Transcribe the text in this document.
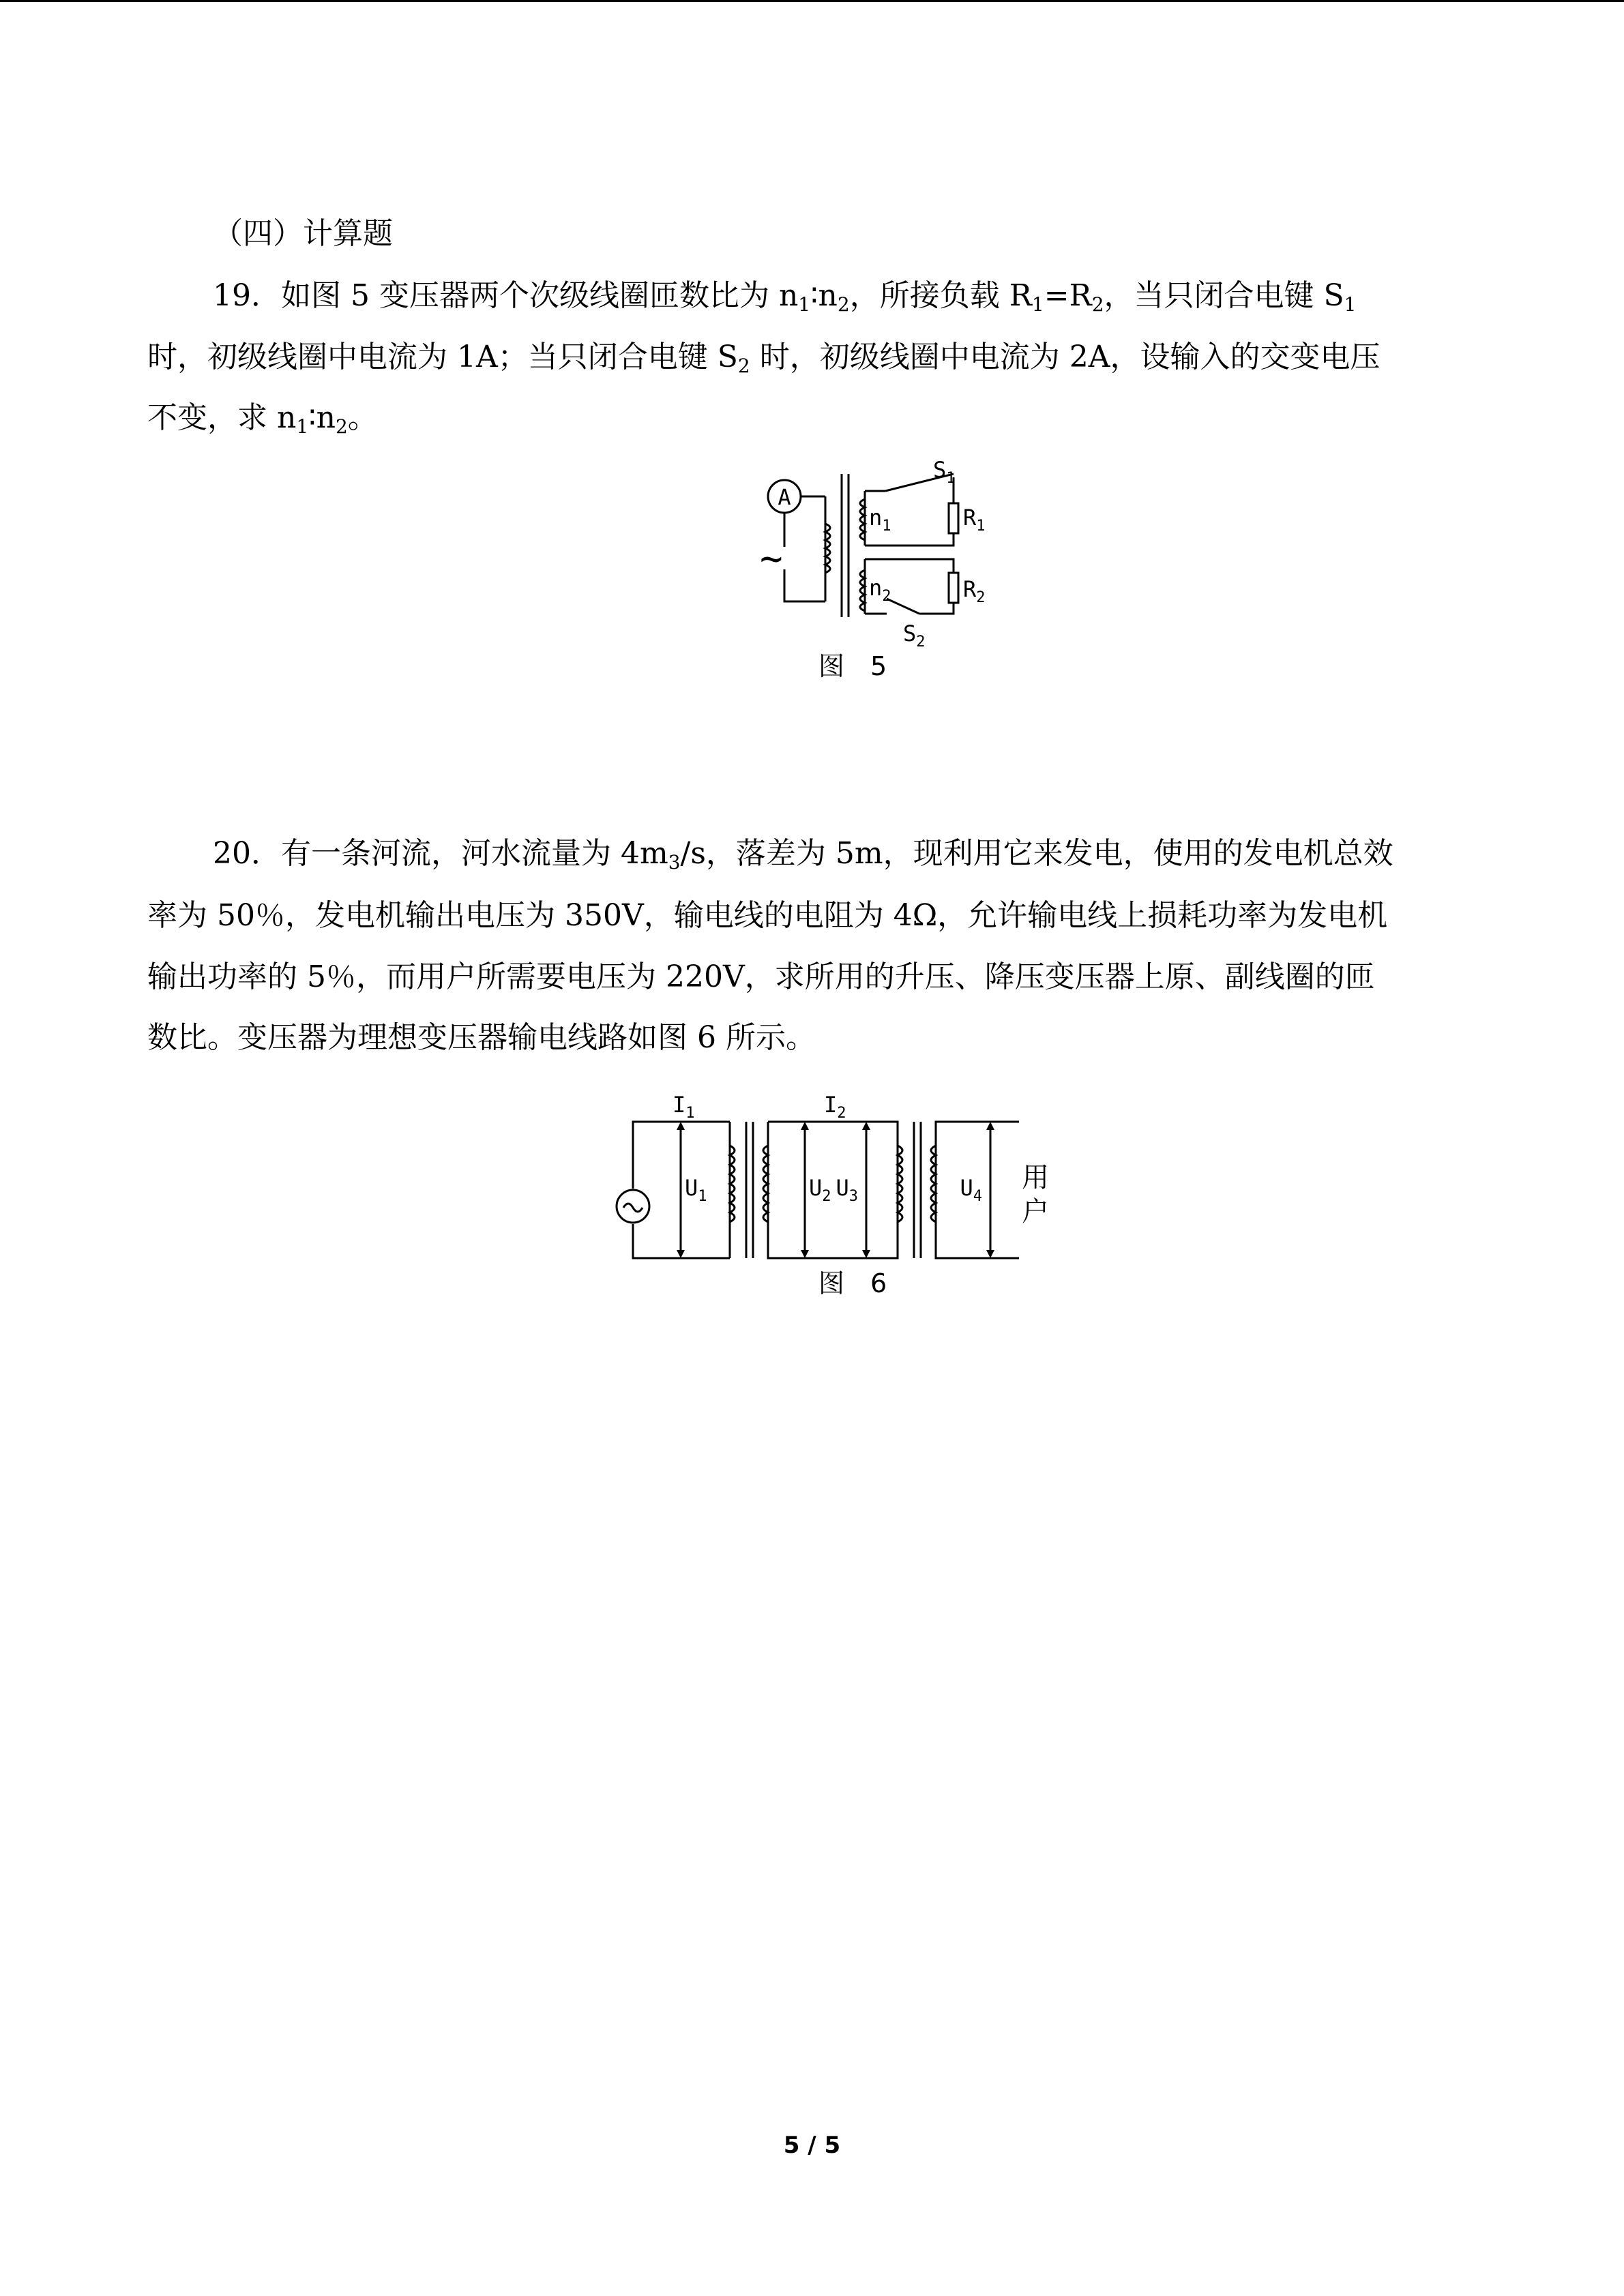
（四）计算题
19．如图 5 变压器两个次级线圈匝数比为 $n_1∶n_2$，所接负载 $R_1=R_2$，当只闭合电键 $S_1$
时，初级线圈中电流为 1A；当只闭合电键 $S_2$ 时，初级线圈中电流为 2A，设输入的交变电压
不变，求 $n_1∶n_2$。
A
~
$n_1$
$n_2$
$R_1$
$R_2$
$S_1$
$S_2$
图　5
20．有一条河流，河水流量为 $4m_3/s$，落差为 5m，现利用它来发电，使用的发电机总效
率为 50％，发电机输出电压为 350V，输电线的电阻为 4Ω，允许输电线上损耗功率为发电机
输出功率的 5％，而用户所需要电压为 220V，求所用的升压、降压变压器上原、副线圈的匝
数比。变压器为理想变压器输电线路如图 6 所示。
$I_1$	$I_2$
$U_1$	$U_2$ $U_3$	$U_4$
用
户
图　6
5 / 5
